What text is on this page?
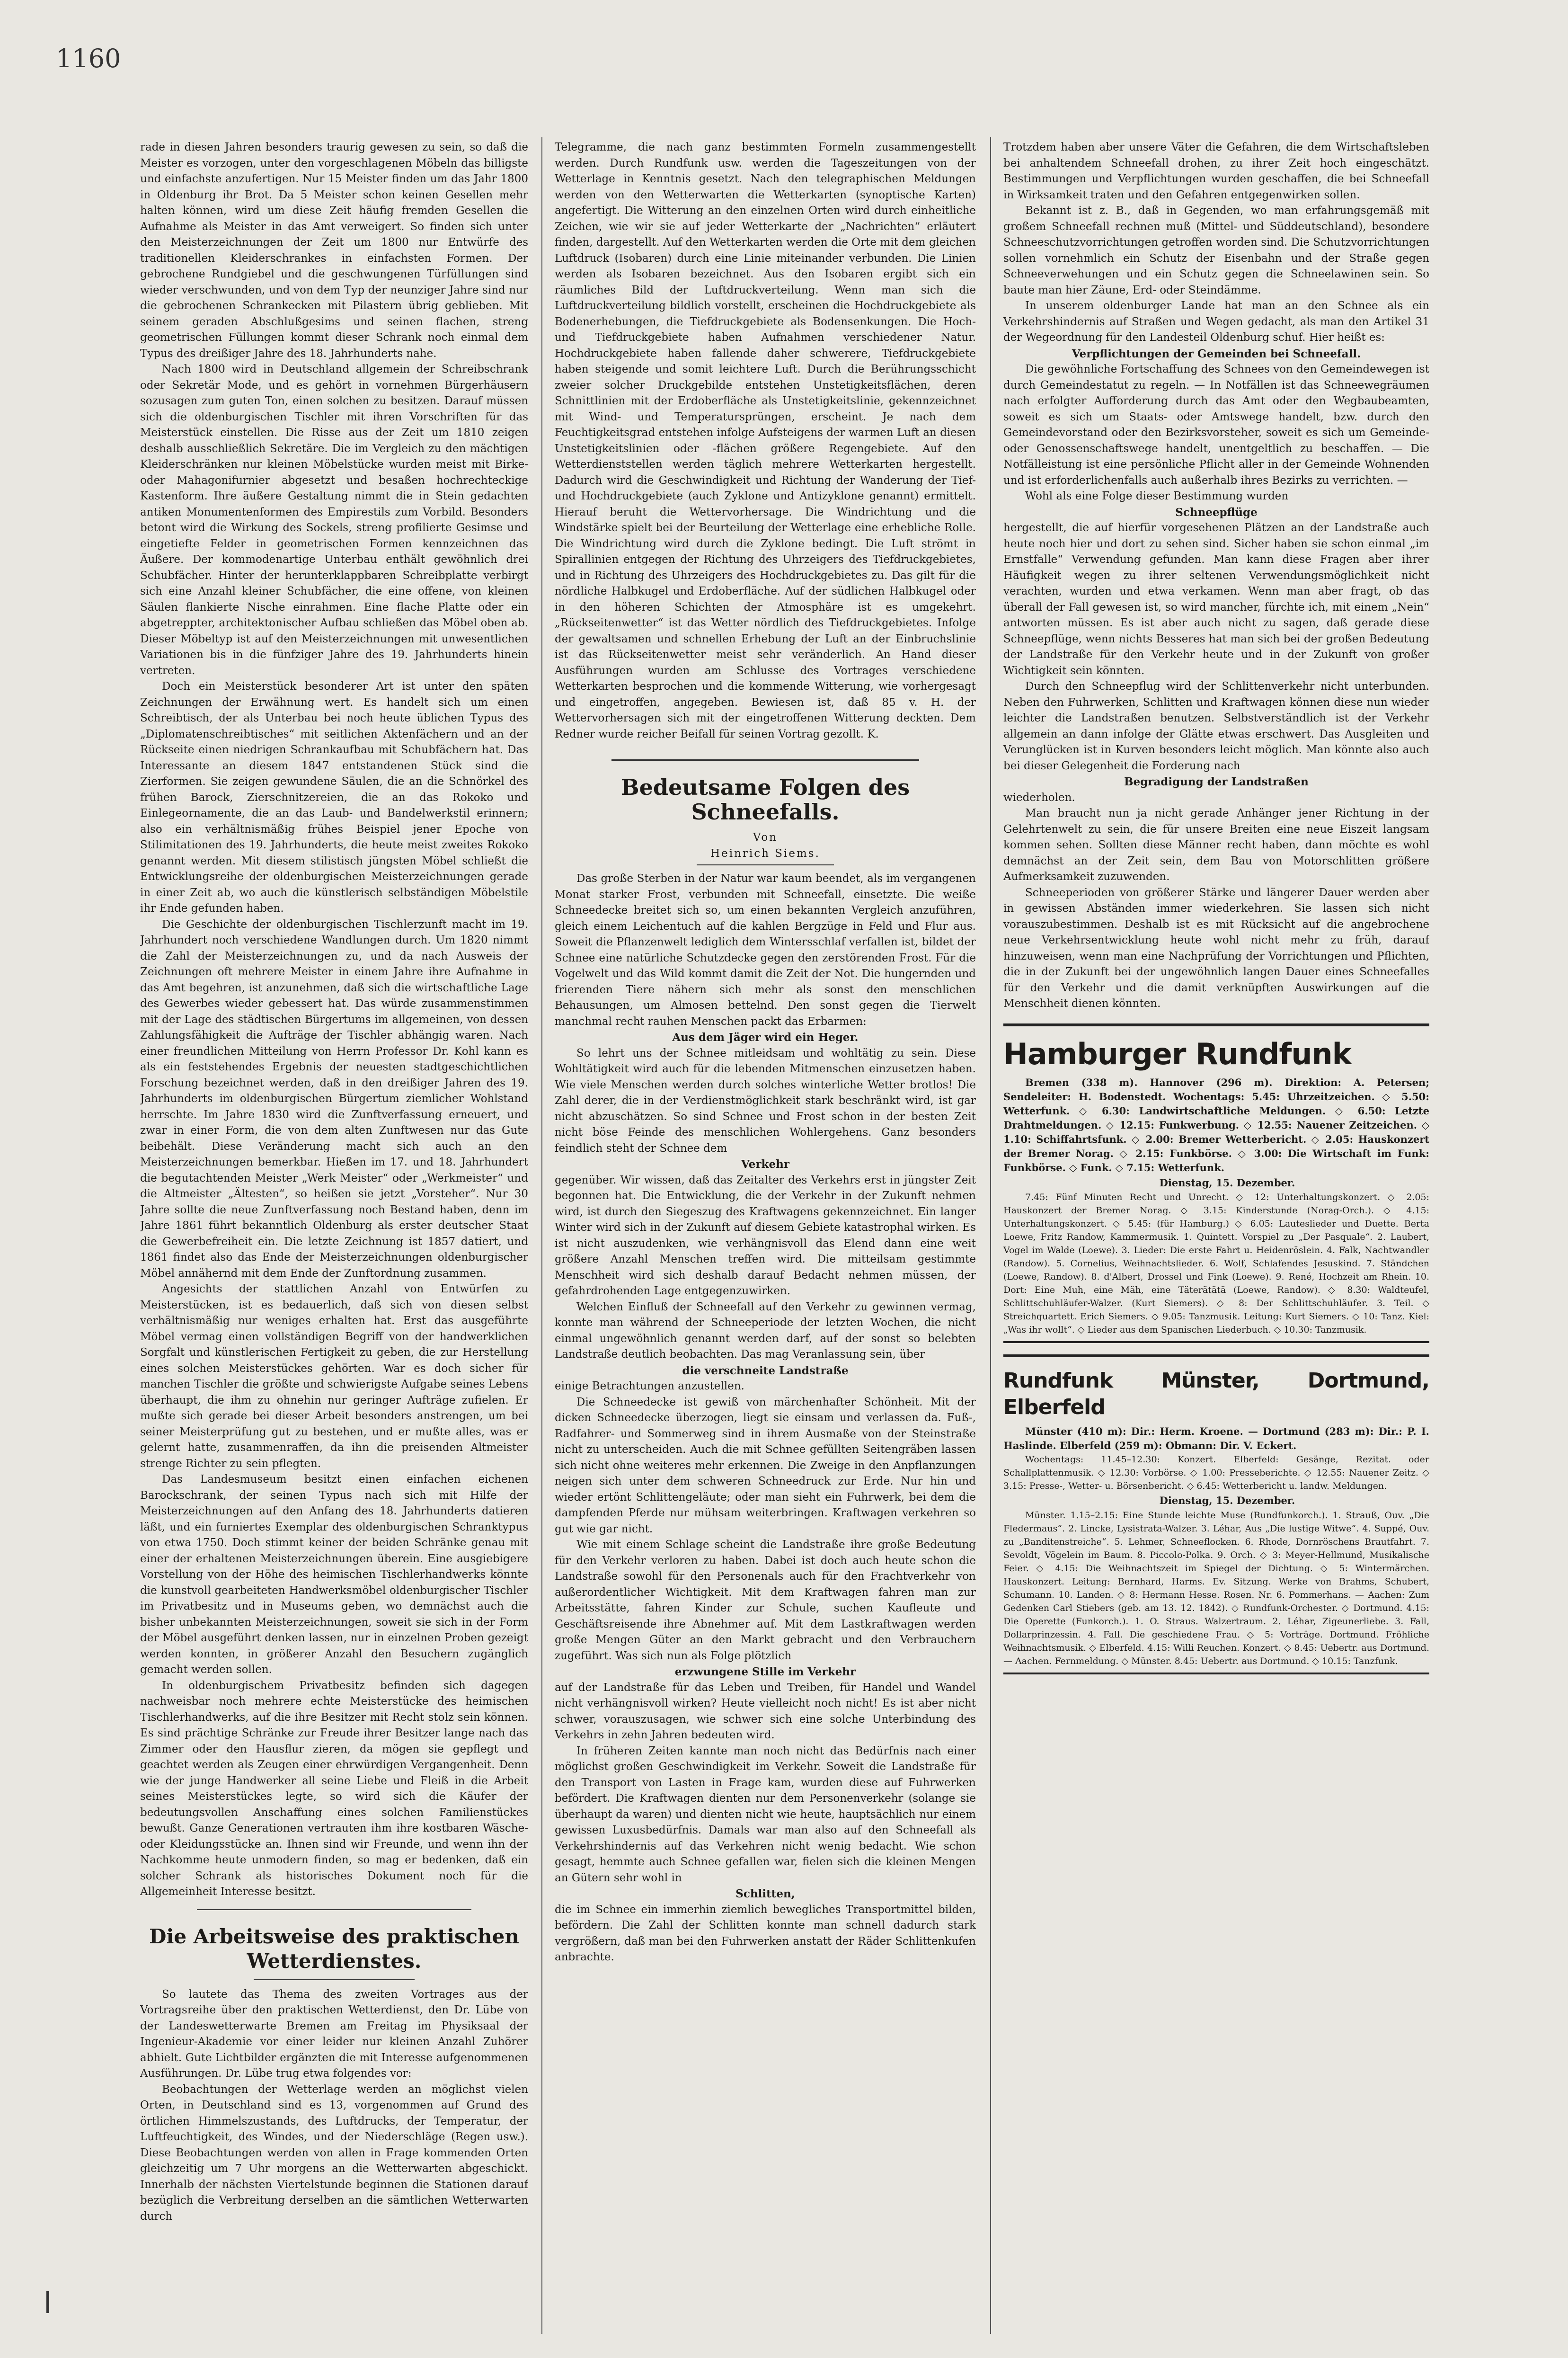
1160

rade in diesen Jahren besonders traurig gewesen zu sein, so daß die Meister es vorzogen, unter den vorgeschlagenen Möbeln das billigste und einfachste anzufertigen. Nur 15 Meister finden um das Jahr 1800 in Oldenburg ihr Brot. Da 5 Meister schon keinen Gesellen mehr halten können, wird um diese Zeit häufig fremden Gesellen die Aufnahme als Meister in das Amt verweigert. So finden sich unter den Meisterzeichnungen der Zeit um 1800 nur Entwürfe des traditionellen Kleiderschrankes in einfachsten Formen. Der gebrochene Rundgiebel und die geschwungenen Türfüllungen sind wieder verschwunden, und von dem Typ der neunziger Jahre sind nur die gebrochenen Schrankecken mit Pilastern übrig geblieben. Mit seinem geraden Abschlußgesims und seinen flachen, streng geometrischen Füllungen kommt dieser Schrank noch einmal dem Typus des dreißiger Jahre des 18. Jahrhunderts nahe.

Nach 1800 wird in Deutschland allgemein der Schreibschrank oder Sekretär Mode, und es gehört in vornehmen Bürgerhäusern sozusagen zum guten Ton, einen solchen zu besitzen. Darauf müssen sich die oldenburgischen Tischler mit ihren Vorschriften für das Meisterstück einstellen. Die Risse aus der Zeit um 1810 zeigen deshalb ausschließlich Sekretäre. Die im Vergleich zu den mächtigen Kleiderschränken nur kleinen Möbelstücke wurden meist mit Birke- oder Mahagonifurnier abgesetzt und besaßen hochrechteckige Kastenform. Ihre äußere Gestaltung nimmt die in Stein gedachten antiken Monumentenformen des Empirestils zum Vorbild. Besonders betont wird die Wirkung des Sockels, streng profilierte Gesimse und eingetiefte Felder in geometrischen Formen kennzeichnen das Äußere. Der kommodenartige Unterbau enthält gewöhnlich drei Schubfächer. Hinter der herunterklappbaren Schreibplatte verbirgt sich eine Anzahl kleiner Schubfächer, die eine offene, von kleinen Säulen flankierte Nische einrahmen. Eine flache Platte oder ein abgetreppter, architektonischer Aufbau schließen das Möbel oben ab. Dieser Möbeltyp ist auf den Meisterzeichnungen mit unwesentlichen Variationen bis in die fünfziger Jahre des 19. Jahrhunderts hinein vertreten.

Doch ein Meisterstück besonderer Art ist unter den späten Zeichnungen der Erwähnung wert. Es handelt sich um einen Schreibtisch, der als Unterbau bei noch heute üblichen Typus des „Diplomatenschreibtisches“ mit seitlichen Aktenfächern und an der Rückseite einen niedrigen Schrankaufbau mit Schubfächern hat. Das Interessante an diesem 1847 entstandenen Stück sind die Zierformen. Sie zeigen gewundene Säulen, die an die Schnörkel des frühen Barock, Zierschnitzereien, die an das Rokoko und Einlegeornamente, die an das Laub- und Bandelwerkstil erinnern; also ein verhältnismäßig frühes Beispiel jener Epoche von Stilimitationen des 19. Jahrhunderts, die heute meist zweites Rokoko genannt werden. Mit diesem stilistisch jüngsten Möbel schließt die Entwicklungsreihe der oldenburgischen Meisterzeichnungen gerade in einer Zeit ab, wo auch die künstlerisch selbständigen Möbelstile ihr Ende gefunden haben.

Die Geschichte der oldenburgischen Tischlerzunft macht im 19. Jahrhundert noch verschiedene Wandlungen durch. Um 1820 nimmt die Zahl der Meisterzeichnungen zu, und da nach Ausweis der Zeichnungen oft mehrere Meister in einem Jahre ihre Aufnahme in das Amt begehren, ist anzunehmen, daß sich die wirtschaftliche Lage des Gewerbes wieder gebessert hat. Das würde zusammenstimmen mit der Lage des städtischen Bürgertums im allgemeinen, von dessen Zahlungsfähigkeit die Aufträge der Tischler abhängig waren. Nach einer freundlichen Mitteilung von Herrn Professor Dr. Kohl kann es als ein feststehendes Ergebnis der neuesten stadtgeschichtlichen Forschung bezeichnet werden, daß in den dreißiger Jahren des 19. Jahrhunderts im oldenburgischen Bürgertum ziemlicher Wohlstand herrschte. Im Jahre 1830 wird die Zunftverfassung erneuert, und zwar in einer Form, die von dem alten Zunftwesen nur das Gute beibehält. Diese Veränderung macht sich auch an den Meisterzeichnungen bemerkbar. Hießen im 17. und 18. Jahrhundert die begutachtenden Meister „Werk Meister“ oder „Werkmeister“ und die Altmeister „Ältesten“, so heißen sie jetzt „Vorsteher“. Nur 30 Jahre sollte die neue Zunftverfassung noch Bestand haben, denn im Jahre 1861 führt bekanntlich Oldenburg als erster deutscher Staat die Gewerbefreiheit ein. Die letzte Zeichnung ist 1857 datiert, und 1861 findet also das Ende der Meisterzeichnungen oldenburgischer Möbel annähernd mit dem Ende der Zunftordnung zusammen.

Angesichts der stattlichen Anzahl von Entwürfen zu Meisterstücken, ist es bedauerlich, daß sich von diesen selbst verhältnismäßig nur weniges erhalten hat. Erst das ausgeführte Möbel vermag einen vollständigen Begriff von der handwerklichen Sorgfalt und künstlerischen Fertigkeit zu geben, die zur Herstellung eines solchen Meisterstückes gehörten. War es doch sicher für manchen Tischler die größte und schwierigste Aufgabe seines Lebens überhaupt, die ihm zu ohnehin nur geringer Aufträge zufielen. Er mußte sich gerade bei dieser Arbeit besonders anstrengen, um bei seiner Meisterprüfung gut zu bestehen, und er mußte alles, was er gelernt hatte, zusammenraffen, da ihn die preisenden Altmeister strenge Richter zu sein pflegten.

Das Landesmuseum besitzt einen einfachen eichenen Barockschrank, der seinen Typus nach sich mit Hilfe der Meisterzeichnungen auf den Anfang des 18. Jahrhunderts datieren läßt, und ein furniertes Exemplar des oldenburgischen Schranktypus von etwa 1750. Doch stimmt keiner der beiden Schränke genau mit einer der erhaltenen Meisterzeichnungen überein. Eine ausgiebigere Vorstellung von der Höhe des heimischen Tischlerhandwerks könnte die kunstvoll gearbeiteten Handwerksmöbel oldenburgischer Tischler im Privatbesitz und in Museums geben, wo demnächst auch die bisher unbekannten Meisterzeichnungen, soweit sie sich in der Form der Möbel ausgeführt denken lassen, nur in einzelnen Proben gezeigt werden konnten, in größerer Anzahl den Besuchern zugänglich gemacht werden sollen.

In oldenburgischem Privatbesitz befinden sich dagegen nachweisbar noch mehrere echte Meisterstücke des heimischen Tischlerhandwerks, auf die ihre Besitzer mit Recht stolz sein können. Es sind prächtige Schränke zur Freude ihrer Besitzer lange nach das Zimmer oder den Hausflur zieren, da mögen sie gepflegt und geachtet werden als Zeugen einer ehrwürdigen Vergangenheit. Denn wie der junge Handwerker all seine Liebe und Fleiß in die Arbeit seines Meisterstückes legte, so wird sich die Käufer der bedeutungsvollen Anschaffung eines solchen Familienstückes bewußt. Ganze Generationen vertrauten ihm ihre kostbaren Wäsche- oder Kleidungsstücke an. Ihnen sind wir Freunde, und wenn ihn der Nachkomme heute unmodern finden, so mag er bedenken, daß ein solcher Schrank als historisches Dokument noch für die Allgemeinheit Interesse besitzt.

Die Arbeitsweise des praktischen Wetterdienstes.

So lautete das Thema des zweiten Vortrages aus der Vortragsreihe über den praktischen Wetterdienst, den Dr. Lübe von der Landeswetterwarte Bremen am Freitag im Physiksaal der Ingenieur-Akademie vor einer leider nur kleinen Anzahl Zuhörer abhielt. Gute Lichtbilder ergänzten die mit Interesse aufgenommenen Ausführungen. Dr. Lübe trug etwa folgendes vor:

Beobachtungen der Wetterlage werden an möglichst vielen Orten, in Deutschland sind es 13, vorgenommen auf Grund des örtlichen Himmelszustands, des Luftdrucks, der Temperatur, der Luftfeuchtigkeit, des Windes, und der Niederschläge (Regen usw.). Diese Beobachtungen werden von allen in Frage kommenden Orten gleichzeitig um 7 Uhr morgens an die Wetterwarten abgeschickt. Innerhalb der nächsten Viertelstunde beginnen die Stationen darauf bezüglich die Verbreitung derselben an die sämtlichen Wetterwarten durch

Telegramme, die nach ganz bestimmten Formeln zusammengestellt werden. Durch Rundfunk usw. werden die Tageszeitungen von der Wetterlage in Kenntnis gesetzt. Nach den telegraphischen Meldungen werden von den Wetterwarten die Wetterkarten (synoptische Karten) angefertigt. Die Witterung an den einzelnen Orten wird durch einheitliche Zeichen, wie wir sie auf jeder Wetterkarte der „Nachrichten“ erläutert finden, dargestellt. Auf den Wetterkarten werden die Orte mit dem gleichen Luftdruck (Isobaren) durch eine Linie miteinander verbunden. Die Linien werden als Isobaren bezeichnet. Aus den Isobaren ergibt sich ein räumliches Bild der Luftdruckverteilung. Wenn man sich die Luftdruckverteilung bildlich vorstellt, erscheinen die Hochdruckgebiete als Bodenerhebungen, die Tiefdruckgebiete als Bodensenkungen. Die Hoch- und Tiefdruckgebiete haben Aufnahmen verschiedener Natur. Hochdruckgebiete haben fallende daher schwerere, Tiefdruckgebiete haben steigende und somit leichtere Luft. Durch die Berührungsschicht zweier solcher Druckgebilde entstehen Unstetigkeitsflächen, deren Schnittlinien mit der Erdoberfläche als Unstetigkeitslinie, gekennzeichnet mit Wind- und Temperatursprüngen, erscheint. Je nach dem Feuchtigkeitsgrad entstehen infolge Aufsteigens der warmen Luft an diesen Unstetigkeitslinien oder -flächen größere Regengebiete. Auf den Wetterdienststellen werden täglich mehrere Wetterkarten hergestellt. Dadurch wird die Geschwindigkeit und Richtung der Wanderung der Tief- und Hochdruckgebiete (auch Zyklone und Antizyklone genannt) ermittelt. Hierauf beruht die Wettervorhersage. Die Windrichtung und die Windstärke spielt bei der Beurteilung der Wetterlage eine erhebliche Rolle. Die Windrichtung wird durch die Zyklone bedingt. Die Luft strömt in Spirallinien entgegen der Richtung des Uhrzeigers des Tiefdruckgebietes, und in Richtung des Uhrzeigers des Hochdruckgebietes zu. Das gilt für die nördliche Halbkugel und Erdoberfläche. Auf der südlichen Halbkugel oder in den höheren Schichten der Atmosphäre ist es umgekehrt. „Rückseitenwetter“ ist das Wetter nördlich des Tiefdruckgebietes. Infolge der gewaltsamen und schnellen Erhebung der Luft an der Einbruchslinie ist das Rückseitenwetter meist sehr veränderlich. An Hand dieser Ausführungen wurden am Schlusse des Vortrages verschiedene Wetterkarten besprochen und die kommende Witterung, wie vorhergesagt und eingetroffen, angegeben. Bewiesen ist, daß 85 v. H. der Wettervorhersagen sich mit der eingetroffenen Witterung deckten. Dem Redner wurde reicher Beifall für seinen Vortrag gezollt. K.

Bedeutsame Folgen des Schneefalls.

Von

Heinrich Siems.

Das große Sterben in der Natur war kaum beendet, als im vergangenen Monat starker Frost, verbunden mit Schneefall, einsetzte. Die weiße Schneedecke breitet sich so, um einen bekannten Vergleich anzuführen, gleich einem Leichentuch auf die kahlen Bergzüge in Feld und Flur aus. Soweit die Pflanzenwelt lediglich dem Wintersschlaf verfallen ist, bildet der Schnee eine natürliche Schutzdecke gegen den zerstörenden Frost. Für die Vogelwelt und das Wild kommt damit die Zeit der Not. Die hungernden und frierenden Tiere nähern sich mehr als sonst den menschlichen Behausungen, um Almosen bettelnd. Den sonst gegen die Tierwelt manchmal recht rauhen Menschen packt das Erbarmen:

Aus dem Jäger wird ein Heger.

So lehrt uns der Schnee mitleidsam und wohltätig zu sein. Diese Wohltätigkeit wird auch für die lebenden Mitmenschen einzusetzen haben. Wie viele Menschen werden durch solches winterliche Wetter brotlos! Die Zahl derer, die in der Verdienstmöglichkeit stark beschränkt wird, ist gar nicht abzuschätzen. So sind Schnee und Frost schon in der besten Zeit nicht böse Feinde des menschlichen Wohlergehens. Ganz besonders feindlich steht der Schnee dem

Verkehr

gegenüber. Wir wissen, daß das Zeitalter des Verkehrs erst in jüngster Zeit begonnen hat. Die Entwicklung, die der Verkehr in der Zukunft nehmen wird, ist durch den Siegeszug des Kraftwagens gekennzeichnet. Ein langer Winter wird sich in der Zukunft auf diesem Gebiete katastrophal wirken. Es ist nicht auszudenken, wie verhängnisvoll das Elend dann eine weit größere Anzahl Menschen treffen wird. Die mitteilsam gestimmte Menschheit wird sich deshalb darauf Bedacht nehmen müssen, der gefahrdrohenden Lage entgegenzuwirken.

Welchen Einfluß der Schneefall auf den Verkehr zu gewinnen vermag, konnte man während der Schneeperiode der letzten Wochen, die nicht einmal ungewöhnlich genannt werden darf, auf der sonst so belebten Landstraße deutlich beobachten. Das mag Veranlassung sein, über

die verschneite Landstraße

einige Betrachtungen anzustellen.

Die Schneedecke ist gewiß von märchenhafter Schönheit. Mit der dicken Schneedecke überzogen, liegt sie einsam und verlassen da. Fuß-, Radfahrer- und Sommerweg sind in ihrem Ausmaße von der Steinstraße nicht zu unterscheiden. Auch die mit Schnee gefüllten Seitengräben lassen sich nicht ohne weiteres mehr erkennen. Die Zweige in den Anpflanzungen neigen sich unter dem schweren Schneedruck zur Erde. Nur hin und wieder ertönt Schlittengeläute; oder man sieht ein Fuhrwerk, bei dem die dampfenden Pferde nur mühsam weiterbringen. Kraftwagen verkehren so gut wie gar nicht.

Wie mit einem Schlage scheint die Landstraße ihre große Bedeutung für den Verkehr verloren zu haben. Dabei ist doch auch heute schon die Landstraße sowohl für den Personenals auch für den Frachtverkehr von außerordentlicher Wichtigkeit. Mit dem Kraftwagen fahren man zur Arbeitsstätte, fahren Kinder zur Schule, suchen Kaufleute und Geschäftsreisende ihre Abnehmer auf. Mit dem Lastkraftwagen werden große Mengen Güter an den Markt gebracht und den Verbrauchern zugeführt. Was sich nun als Folge plötzlich

erzwungene Stille im Verkehr

auf der Landstraße für das Leben und Treiben, für Handel und Wandel nicht verhängnisvoll wirken? Heute vielleicht noch nicht! Es ist aber nicht schwer, vorauszusagen, wie schwer sich eine solche Unterbindung des Verkehrs in zehn Jahren bedeuten wird.

In früheren Zeiten kannte man noch nicht das Bedürfnis nach einer möglichst großen Geschwindigkeit im Verkehr. Soweit die Landstraße für den Transport von Lasten in Frage kam, wurden diese auf Fuhrwerken befördert. Die Kraftwagen dienten nur dem Personenverkehr (solange sie überhaupt da waren) und dienten nicht wie heute, hauptsächlich nur einem gewissen Luxusbedürfnis. Damals war man also auf den Schneefall als Verkehrshindernis auf das Verkehren nicht wenig bedacht. Wie schon gesagt, hemmte auch Schnee gefallen war, fielen sich die kleinen Mengen an Gütern sehr wohl in

Schlitten,

die im Schnee ein immerhin ziemlich bewegliches Transportmittel bilden, befördern. Die Zahl der Schlitten konnte man schnell dadurch stark vergrößern, daß man bei den Fuhrwerken anstatt der Räder Schlittenkufen anbrachte.

Trotzdem haben aber unsere Väter die Gefahren, die dem Wirtschaftsleben bei anhaltendem Schneefall drohen, zu ihrer Zeit hoch eingeschätzt. Bestimmungen und Verpflichtungen wurden geschaffen, die bei Schneefall in Wirksamkeit traten und den Gefahren entgegenwirken sollen.

Bekannt ist z. B., daß in Gegenden, wo man erfahrungsgemäß mit großem Schneefall rechnen muß (Mittel- und Süddeutschland), besondere Schneeschutzvorrichtungen getroffen worden sind. Die Schutzvorrichtungen sollen vornehmlich ein Schutz der Eisenbahn und der Straße gegen Schneeverwehungen und ein Schutz gegen die Schneelawinen sein. So baute man hier Zäune, Erd- oder Steindämme.

In unserem oldenburger Lande hat man an den Schnee als ein Verkehrshindernis auf Straßen und Wegen gedacht, als man den Artikel 31 der Wegeordnung für den Landesteil Oldenburg schuf. Hier heißt es:

Verpflichtungen der Gemeinden bei Schneefall.

Die gewöhnliche Fortschaffung des Schnees von den Gemeindewegen ist durch Gemeindestatut zu regeln. — In Notfällen ist das Schneewegräumen nach erfolgter Aufforderung durch das Amt oder den Wegbaubeamten, soweit es sich um Staats- oder Amtswege handelt, bzw. durch den Gemeindevorstand oder den Bezirksvorsteher, soweit es sich um Gemeinde- oder Genossenschaftswege handelt, unentgeltlich zu beschaffen. — Die Notfälleistung ist eine persönliche Pflicht aller in der Gemeinde Wohnenden und ist erforderlichenfalls auch außerhalb ihres Bezirks zu verrichten. —

Wohl als eine Folge dieser Bestimmung wurden

Schneepflüge

hergestellt, die auf hierfür vorgesehenen Plätzen an der Landstraße auch heute noch hier und dort zu sehen sind. Sicher haben sie schon einmal „im Ernstfalle“ Verwendung gefunden. Man kann diese Fragen aber ihrer Häufigkeit wegen zu ihrer seltenen Verwendungsmöglichkeit nicht verachten, wurden und etwa verkamen. Wenn man aber fragt, ob das überall der Fall gewesen ist, so wird mancher, fürchte ich, mit einem „Nein“ antworten müssen. Es ist aber auch nicht zu sagen, daß gerade diese Schneepflüge, wenn nichts Besseres hat man sich bei der großen Bedeutung der Landstraße für den Verkehr heute und in der Zukunft von großer Wichtigkeit sein könnten.

Durch den Schneepflug wird der Schlittenverkehr nicht unterbunden. Neben den Fuhrwerken, Schlitten und Kraftwagen können diese nun wieder leichter die Landstraßen benutzen. Selbstverständlich ist der Verkehr allgemein an dann infolge der Glätte etwas erschwert. Das Ausgleiten und Verunglücken ist in Kurven besonders leicht möglich. Man könnte also auch bei dieser Gelegenheit die Forderung nach

Begradigung der Landstraßen

wiederholen.

Man braucht nun ja nicht gerade Anhänger jener Richtung in der Gelehrtenwelt zu sein, die für unsere Breiten eine neue Eiszeit langsam kommen sehen. Sollten diese Männer recht haben, dann möchte es wohl demnächst an der Zeit sein, dem Bau von Motorschlitten größere Aufmerksamkeit zuzuwenden.

Schneeperioden von größerer Stärke und längerer Dauer werden aber in gewissen Abständen immer wiederkehren. Sie lassen sich nicht vorauszubestimmen. Deshalb ist es mit Rücksicht auf die angebrochene neue Verkehrsentwicklung heute wohl nicht mehr zu früh, darauf hinzuweisen, wenn man eine Nachprüfung der Vorrichtungen und Pflichten, die in der Zukunft bei der ungewöhnlich langen Dauer eines Schneefalles für den Verkehr und die damit verknüpften Auswirkungen auf die Menschheit dienen könnten.

Hamburger Rundfunk

Bremen (338 m). Hannover (296 m). Direktion: A. Petersen; Sendeleiter: H. Bodenstedt. Wochentags: 5.45: Uhrzeitzeichen. ◇ 5.50: Wetterfunk. ◇ 6.30: Landwirtschaftliche Meldungen. ◇ 6.50: Letzte Drahtmeldungen. ◇ 12.15: Funkwerbung. ◇ 12.55: Nauener Zeitzeichen. ◇ 1.10: Schiffahrtsfunk. ◇ 2.00: Bremer Wetterbericht. ◇ 2.05: Hauskonzert der Bremer Norag. ◇ 2.15: Funkbörse. ◇ 3.00: Die Wirtschaft im Funk: Funkbörse. ◇ Funk. ◇ 7.15: Wetterfunk.

Dienstag, 15. Dezember.

7.45: Fünf Minuten Recht und Unrecht. ◇ 12: Unterhaltungskonzert. ◇ 2.05: Hauskonzert der Bremer Norag. ◇ 3.15: Kinderstunde (Norag-Orch.). ◇ 4.15: Unterhaltungskonzert. ◇ 5.45: (für Hamburg.) ◇ 6.05: Lauteslieder und Duette. Berta Loewe, Fritz Randow, Kammermusik. 1. Quintett. Vorspiel zu „Der Pasquale“. 2. Laubert, Vogel im Walde (Loewe). 3. Lieder: Die erste Fahrt u. Heidenröslein. 4. Falk, Nachtwandler (Randow). 5. Cornelius, Weihnachtslieder. 6. Wolf, Schlafendes Jesuskind. 7. Ständchen (Loewe, Randow). 8. d'Albert, Drossel und Fink (Loewe). 9. René, Hochzeit am Rhein. 10. Dort: Eine Muh, eine Mäh, eine Täterätätä (Loewe, Randow). ◇ 8.30: Waldteufel, Schlittschuhläufer-Walzer. (Kurt Siemers). ◇ 8: Der Schlittschuhläufer. 3. Teil. ◇ Streichquartett. Erich Siemers. ◇ 9.05: Tanzmusik. Leitung: Kurt Siemers. ◇ 10: Tanz. Kiel: „Was ihr wollt“. ◇ Lieder aus dem Spanischen Liederbuch. ◇ 10.30: Tanzmusik.

Rundfunk Münster, Dortmund, Elberfeld

Münster (410 m): Dir.: Herm. Kroene. — Dortmund (283 m): Dir.: P. I. Haslinde. Elberfeld (259 m): Obmann: Dir. V. Eckert.

Wochentags: 11.45–12.30: Konzert. Elberfeld: Gesänge, Rezitat. oder Schallplattenmusik. ◇ 12.30: Vorbörse. ◇ 1.00: Presseberichte. ◇ 12.55: Nauener Zeitz. ◇ 3.15: Presse-, Wetter- u. Börsenbericht. ◇ 6.45: Wetterbericht u. landw. Meldungen.

Dienstag, 15. Dezember.

Münster. 1.15–2.15: Eine Stunde leichte Muse (Rundfunkorch.). 1. Strauß, Ouv. „Die Fledermaus“. 2. Lincke, Lysistrata-Walzer. 3. Léhar, Aus „Die lustige Witwe“. 4. Suppé, Ouv. zu „Banditenstreiche“. 5. Lehmer, Schneeflocken. 6. Rhode, Dornröschens Brautfahrt. 7. Sevoldt, Vögelein im Baum. 8. Piccolo-Polka. 9. Orch. ◇ 3: Meyer-Hellmund, Musikalische Feier. ◇ 4.15: Die Weihnachtszeit im Spiegel der Dichtung. ◇ 5: Wintermärchen. Hauskonzert. Leitung: Bernhard, Harms. Ev. Sitzung. Werke von Brahms, Schubert, Schumann. 10. Landen. ◇ 8: Hermann Hesse. Rosen. Nr. 6. Pommerhans. — Aachen: Zum Gedenken Carl Stiebers (geb. am 13. 12. 1842). ◇ Rundfunk-Orchester. ◇ Dortmund. 4.15: Die Operette (Funkorch.). 1. O. Straus. Walzertraum. 2. Léhar, Zigeunerliebe. 3. Fall, Dollarprinzessin. 4. Fall. Die geschiedene Frau. ◇ 5: Vorträge. Dortmund. Fröhliche Weihnachtsmusik. ◇ Elberfeld. 4.15: Willi Reuchen. Konzert. ◇ 8.45: Uebertr. aus Dortmund. — Aachen. Fernmeldung. ◇ Münster. 8.45: Uebertr. aus Dortmund. ◇ 10.15: Tanzfunk.
